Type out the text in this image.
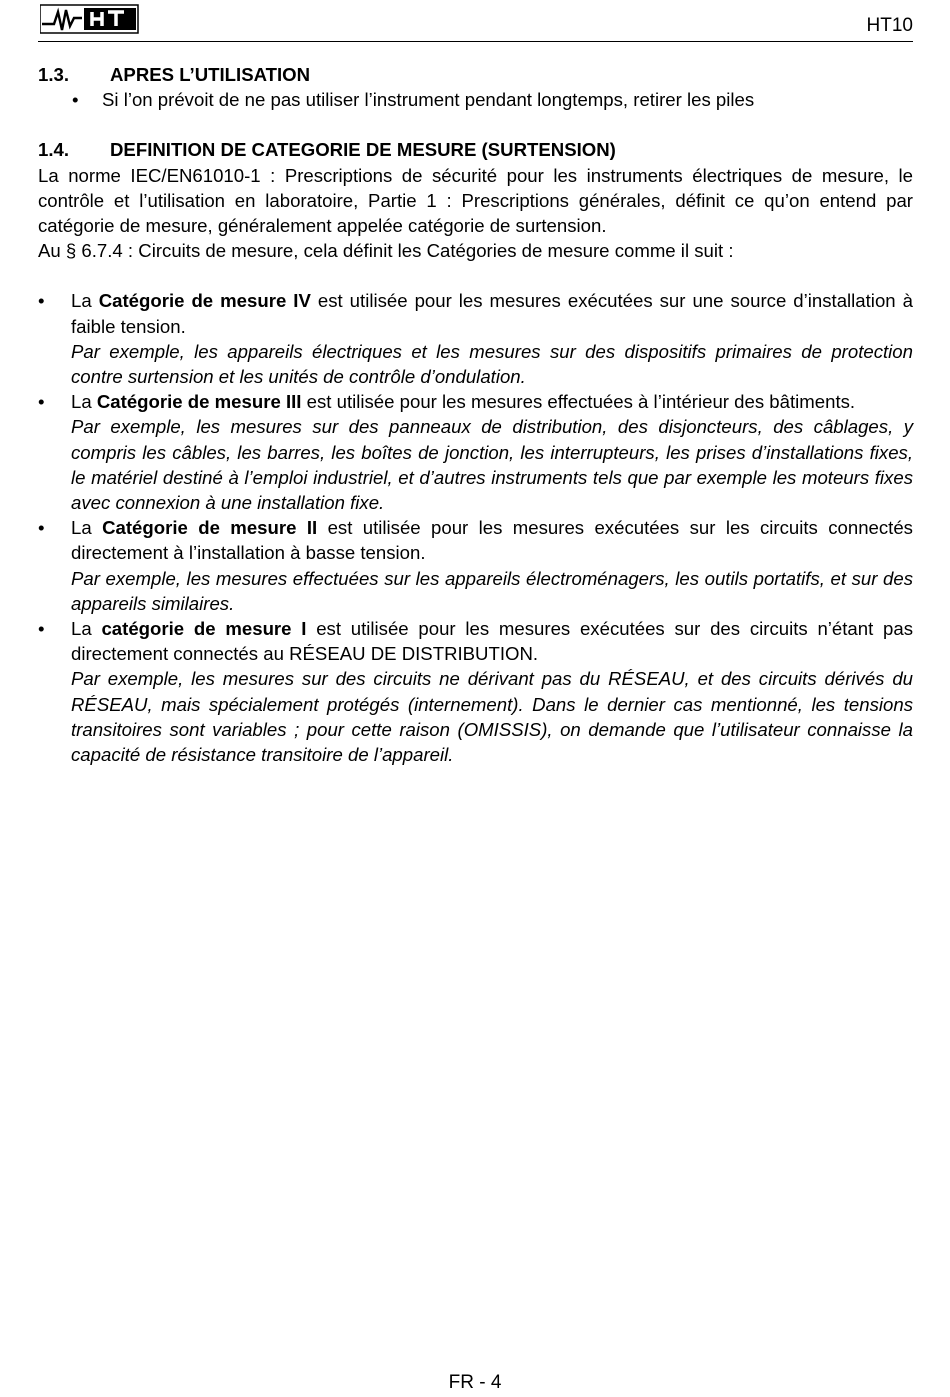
HT10
1.3. APRES L’UTILISATION

• Si l’on prévoit de ne pas utiliser l’instrument pendant longtemps, retirer les piles

1.4. DEFINITION DE CATEGORIE DE MESURE (SURTENSION)

La norme IEC/EN61010-1 : Prescriptions de sécurité pour les instruments électriques de mesure, le contrôle et l’utilisation en laboratoire, Partie 1 : Prescriptions générales, définit ce qu’on entend par catégorie de mesure, généralement appelée catégorie de surtension.

Au § 6.7.4 : Circuits de mesure, cela définit les Catégories de mesure comme il suit :

• La Catégorie de mesure IV est utilisée pour les mesures exécutées sur une source d’installation à faible tension.

Par exemple, les appareils électriques et les mesures sur des dispositifs primaires de protection contre surtension et les unités de contrôle d’ondulation.

• La Catégorie de mesure III est utilisée pour les mesures effectuées à l’intérieur des bâtiments.

Par exemple, les mesures sur des panneaux de distribution, des disjoncteurs, des câblages, y compris les câbles, les barres, les boîtes de jonction, les interrupteurs, les prises d’installations fixes, le matériel destiné à l’emploi industriel, et d’autres instruments tels que par exemple les moteurs fixes avec connexion à une installation fixe.

• La Catégorie de mesure II est utilisée pour les mesures exécutées sur les circuits connectés directement à l’installation à basse tension.

Par exemple, les mesures effectuées sur les appareils électroménagers, les outils portatifs, et sur des appareils similaires.

• La catégorie de mesure I est utilisée pour les mesures exécutées sur des circuits n’étant pas directement connectés au RÉSEAU DE DISTRIBUTION.

Par exemple, les mesures sur des circuits ne dérivant pas du RÉSEAU, et des circuits dérivés du RÉSEAU, mais spécialement protégés (internement). Dans le dernier cas mentionné, les tensions transitoires sont variables ; pour cette raison (OMISSIS), on demande que l’utilisateur connaisse la capacité de résistance transitoire de l’appareil.

FR - 4
